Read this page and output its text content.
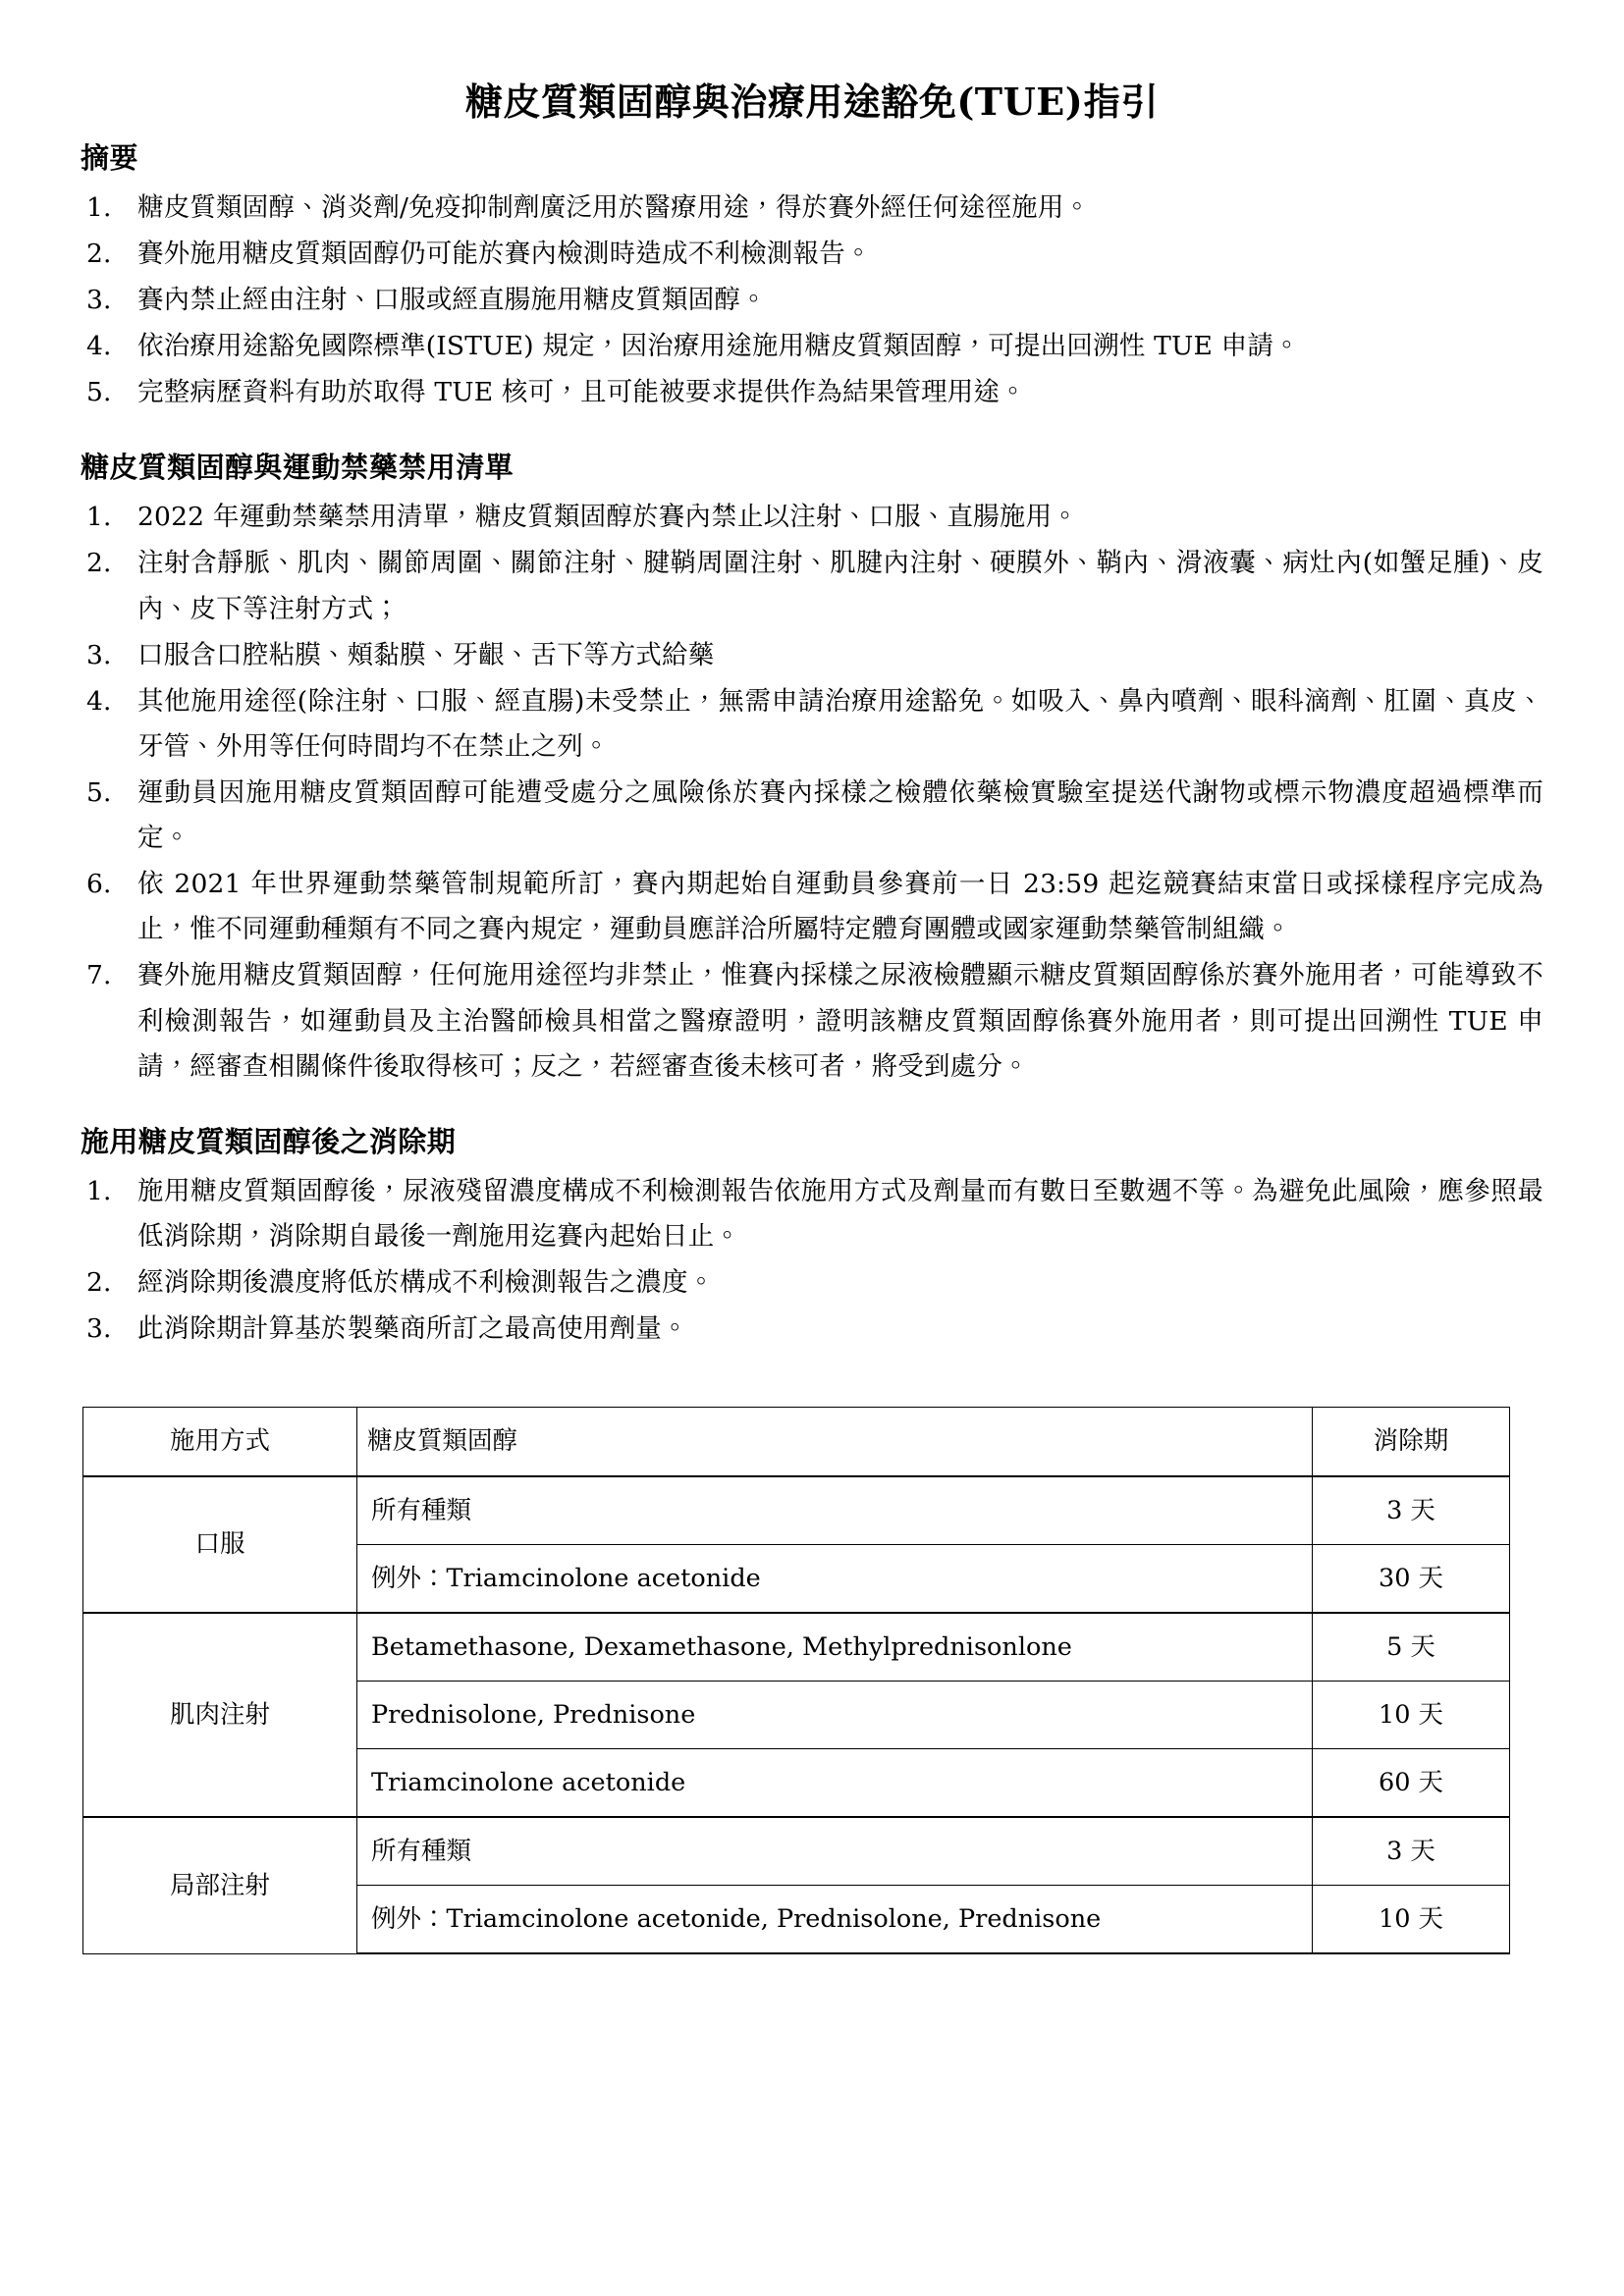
糖皮質類固醇與治療用途豁免(TUE)指引
摘要
1. 糖皮質類固醇、消炎劑/免疫抑制劑廣泛用於醫療用途，得於賽外經任何途徑施用。
2. 賽外施用糖皮質類固醇仍可能於賽內檢測時造成不利檢測報告。
3. 賽內禁止經由注射、口服或經直腸施用糖皮質類固醇。
4. 依治療用途豁免國際標準(ISTUE) 規定，因治療用途施用糖皮質類固醇，可提出回溯性 TUE 申請。
5. 完整病歷資料有助於取得 TUE 核可，且可能被要求提供作為結果管理用途。
糖皮質類固醇與運動禁藥禁用清單
1. 2022 年運動禁藥禁用清單，糖皮質類固醇於賽內禁止以注射、口服、直腸施用。
2. 注射含靜脈、肌肉、關節周圍、關節注射、腱鞘周圍注射、肌腱內注射、硬膜外、鞘內、滑液囊、病灶內(如蟹足腫)、皮內、皮下等注射方式；
3. 口服含口腔粘膜、頰黏膜、牙齦、舌下等方式給藥
4. 其他施用途徑(除注射、口服、經直腸)未受禁止，無需申請治療用途豁免。如吸入、鼻內噴劑、眼科滴劑、肛圍、真皮、牙管、外用等任何時間均不在禁止之列。
5. 運動員因施用糖皮質類固醇可能遭受處分之風險係於賽內採樣之檢體依藥檢實驗室提送代謝物或標示物濃度超過標準而定。
6. 依 2021 年世界運動禁藥管制規範所訂，賽內期起始自運動員參賽前一日 23:59 起迄競賽結束當日或採樣程序完成為止，惟不同運動種類有不同之賽內規定，運動員應詳洽所屬特定體育團體或國家運動禁藥管制組織。
7. 賽外施用糖皮質類固醇，任何施用途徑均非禁止，惟賽內採樣之尿液檢體顯示糖皮質類固醇係於賽外施用者，可能導致不利檢測報告，如運動員及主治醫師檢具相當之醫療證明，證明該糖皮質類固醇係賽外施用者，則可提出回溯性 TUE 申請，經審查相關條件後取得核可；反之，若經審查後未核可者，將受到處分。
施用糖皮質類固醇後之消除期
1. 施用糖皮質類固醇後，尿液殘留濃度構成不利檢測報告依施用方式及劑量而有數日至數週不等。為避免此風險，應參照最低消除期，消除期自最後一劑施用迄賽內起始日止。
2. 經消除期後濃度將低於構成不利檢測報告之濃度。
3. 此消除期計算基於製藥商所訂之最高使用劑量。
施用方式	糖皮質類固醇	消除期
口服	所有種類	3 天
	例外：Triamcinolone acetonide	30 天
肌肉注射	Betamethasone, Dexamethasone, Methylprednisonlone	5 天
	Prednisolone, Prednisone	10 天
	Triamcinolone acetonide	60 天
局部注射	所有種類	3 天
	例外：Triamcinolone acetonide, Prednisolone, Prednisone	10 天
